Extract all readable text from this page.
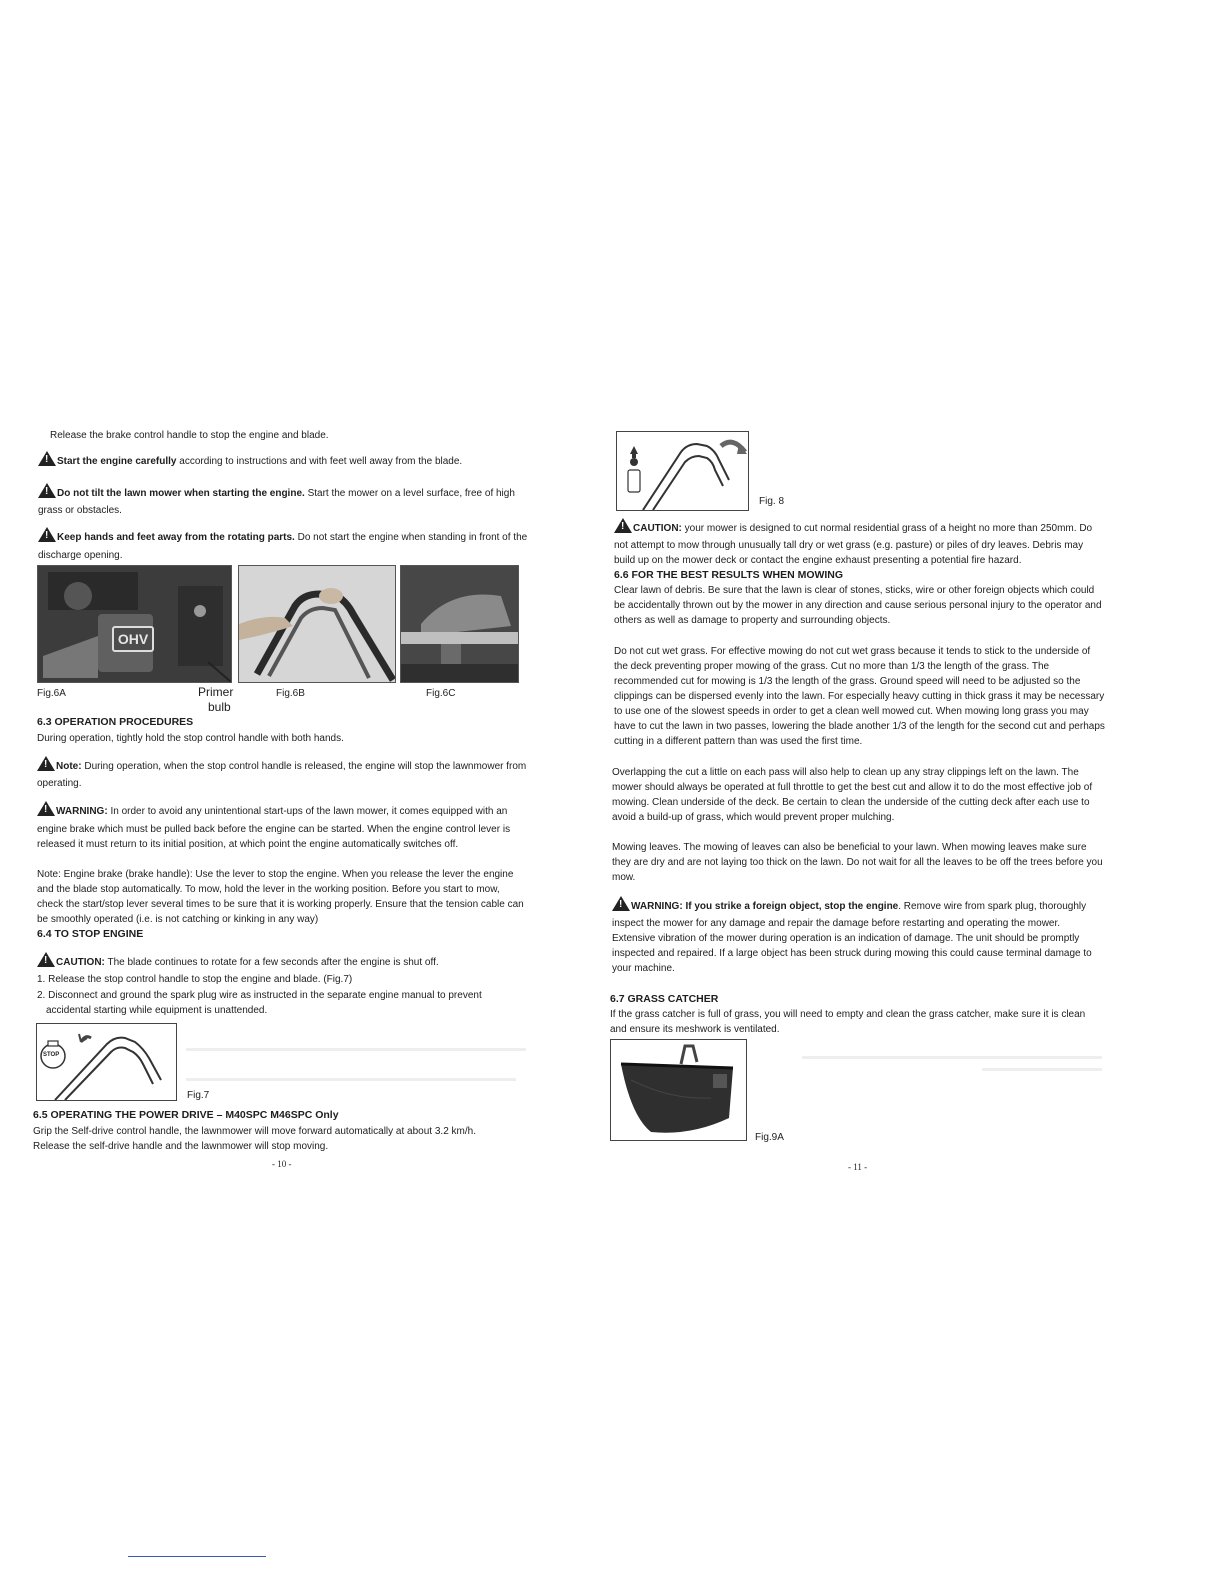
Release the brake control handle to stop the engine and blade.

!Start the engine carefully according to instructions and with feet well away from the blade.

!Do not tilt the lawn mower when starting the engine. Start the mower on a level surface, free of high

grass or obstacles.

!Keep hands and feet away from the rotating parts. Do not start the engine when standing in front of the

discharge opening.

OHV
Fig.6A	Primer
bulb
Fig.6B	Fig.6C

6.3 OPERATION PROCEDURES

During operation, tightly hold the stop control handle with both hands.

!Note: During operation, when the stop control handle is released, the engine will stop the lawnmower from

operating.

!WARNING: In order to avoid any unintentional start-ups of the lawn mower, it comes equipped with an

engine brake which must be pulled back before the engine can be started. When the engine control lever is

released it must return to its initial position, at which point the engine automatically switches off.

Note: Engine brake (brake handle): Use the lever to stop the engine. When you release the lever the engine

and the blade stop automatically. To mow, hold the lever in the working position. Before you start to mow,

check the start/stop lever several times to be sure that it is working properly. Ensure that the tension cable can

be smoothly operated (i.e. is not catching or kinking in any way)

6.4 TO STOP ENGINE

!CAUTION: The blade continues to rotate for a few seconds after the engine is shut off.

1. Release the stop control handle to stop the engine and blade. (Fig.7)

2. Disconnect and ground the spark plug wire as instructed in the separate engine manual to prevent

accidental starting while equipment is unattended.

STOP
Fig.7

6.5 OPERATING THE POWER DRIVE – M40SPC M46SPC Only

Grip the Self-drive control handle, the lawnmower will move forward automatically at about 3.2 km/h.

Release the self-drive handle and the lawnmower will stop moving.

- 10 -
Fig. 8

!CAUTION: your mower is designed to cut normal residential grass of a height no more than 250mm. Do

not attempt to mow through unusually tall dry or wet grass (e.g. pasture) or piles of dry leaves. Debris may

build up on the mower deck or contact the engine exhaust presenting a potential fire hazard.

6.6 FOR THE BEST RESULTS WHEN MOWING

Clear lawn of debris. Be sure that the lawn is clear of stones, sticks, wire or other foreign objects which could

be accidentally thrown out by the mower in any direction and cause serious personal injury to the operator and

others as well as damage to property and surrounding objects.

Do not cut wet grass. For effective mowing do not cut wet grass because it tends to stick to the underside of

the deck preventing proper mowing of the grass. Cut no more than 1/3 the length of the grass. The

recommended cut for mowing is 1/3 the length of the grass. Ground speed will need to be adjusted so the

clippings can be dispersed evenly into the lawn. For especially heavy cutting in thick grass it may be necessary

to use one of the slowest speeds in order to get a clean well mowed cut. When mowing long grass you may

have to cut the lawn in two passes, lowering the blade another 1/3 of the length for the second cut and perhaps

cutting in a different pattern than was used the first time.

Overlapping the cut a little on each pass will also help to clean up any stray clippings left on the lawn. The

mower should always be operated at full throttle to get the best cut and allow it to do the most effective job of

mowing. Clean underside of the deck. Be certain to clean the underside of the cutting deck after each use to

avoid a build-up of grass, which would prevent proper mulching.

Mowing leaves. The mowing of leaves can also be beneficial to your lawn. When mowing leaves make sure

they are dry and are not laying too thick on the lawn. Do not wait for all the leaves to be off the trees before you

mow.

!WARNING: If you strike a foreign object, stop the engine. Remove wire from spark plug, thoroughly

inspect the mower for any damage and repair the damage before restarting and operating the mower.

Extensive vibration of the mower during operation is an indication of damage. The unit should be promptly

inspected and repaired. If a large object has been struck during mowing this could cause terminal damage to

your machine.

6.7 GRASS CATCHER

If the grass catcher is full of grass, you will need to empty and clean the grass catcher, make sure it is clean

and ensure its meshwork is ventilated.

Fig.9A
- 11 -
